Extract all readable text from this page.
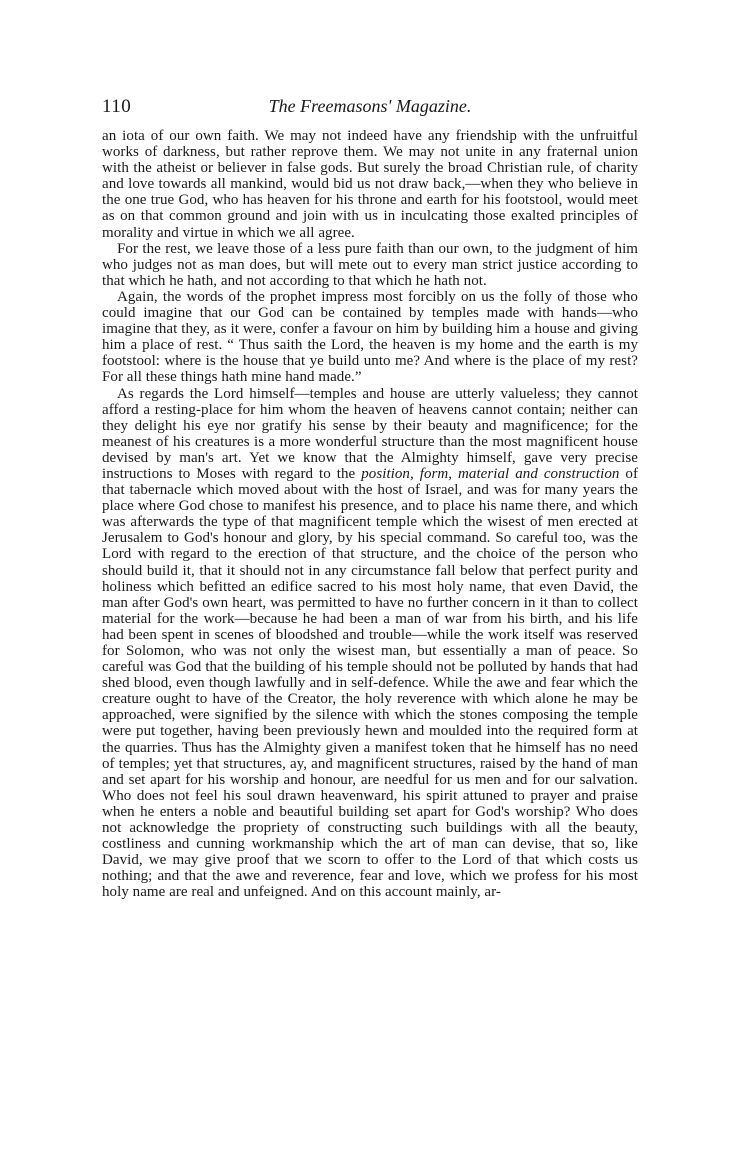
110	The Freemasons' Magazine.

an iota of our own faith. We may not indeed have any friendship with the unfruitful works of darkness, but rather reprove them. We may not unite in any fraternal union with the atheist or believer in false gods. But surely the broad Christian rule, of charity and love towards all mankind, would bid us not draw back,—when they who believe in the one true God, who has heaven for his throne and earth for his footstool, would meet as on that common ground and join with us in inculcating those exalted principles of morality and virtue in which we all agree.

For the rest, we leave those of a less pure faith than our own, to the judgment of him who judges not as man does, but will mete out to every man strict justice according to that which he hath, and not according to that which he hath not.

Again, the words of the prophet impress most forcibly on us the folly of those who could imagine that our God can be contained by temples made with hands—who imagine that they, as it were, confer a favour on him by building him a house and giving him a place of rest. “ Thus saith the Lord, the heaven is my home and the earth is my footstool: where is the house that ye build unto me? And where is the place of my rest? For all these things hath mine hand made.”

As regards the Lord himself—temples and house are utterly valueless; they cannot afford a resting-place for him whom the heaven of heavens cannot contain; neither can they delight his eye nor gratify his sense by their beauty and magnificence; for the meanest of his creatures is a more wonderful structure than the most magnificent house devised by man's art. Yet we know that the Almighty himself, gave very precise instructions to Moses with regard to the position, form, material and construction of that tabernacle which moved about with the host of Israel, and was for many years the place where God chose to manifest his presence, and to place his name there, and which was afterwards the type of that magnificent temple which the wisest of men erected at Jerusalem to God's honour and glory, by his special command. So careful too, was the Lord with regard to the erection of that structure, and the choice of the person who should build it, that it should not in any circumstance fall below that perfect purity and holiness which befitted an edifice sacred to his most holy name, that even David, the man after God's own heart, was permitted to have no further concern in it than to collect material for the work—because he had been a man of war from his birth, and his life had been spent in scenes of bloodshed and trouble—while the work itself was reserved for Solomon, who was not only the wisest man, but essentially a man of peace. So careful was God that the building of his temple should not be polluted by hands that had shed blood, even though lawfully and in self-defence. While the awe and fear which the creature ought to have of the Creator, the holy reverence with which alone he may be approached, were signified by the silence with which the stones composing the temple were put together, having been previously hewn and moulded into the required form at the quarries. Thus has the Almighty given a manifest token that he himself has no need of temples; yet that structures, ay, and magnificent structures, raised by the hand of man and set apart for his worship and honour, are needful for us men and for our salvation. Who does not feel his soul drawn heavenward, his spirit attuned to prayer and praise when he enters a noble and beautiful building set apart for God's worship? Who does not acknowledge the propriety of constructing such buildings with all the beauty, costliness and cunning workmanship which the art of man can devise, that so, like David, we may give proof that we scorn to offer to the Lord of that which costs us nothing; and that the awe and reverence, fear and love, which we profess for his most holy name are real and unfeigned. And on this account mainly, ar-
